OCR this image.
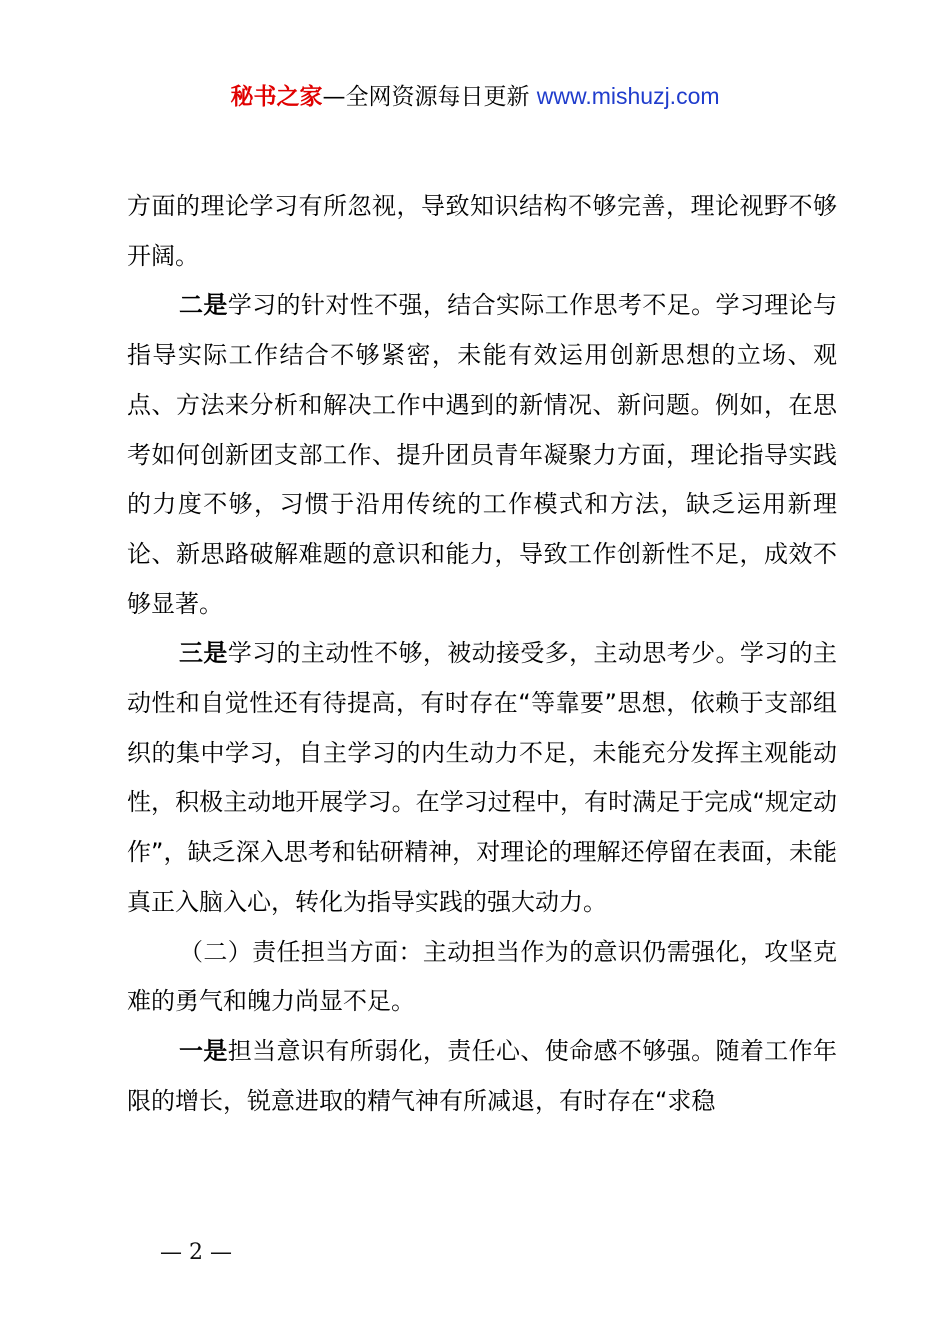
秘书之家—全网资源每日更新 www.mishuzj.com

方面的理论学习有所忽视，导致知识结构不够完善，理论视野不够开阔。

二是学习的针对性不强，结合实际工作思考不足。学习理论与指导实际工作结合不够紧密，未能有效运用创新思想的立场、观点、方法来分析和解决工作中遇到的新情况、新问题。例如，在思考如何创新团支部工作、提升团员青年凝聚力方面，理论指导实践的力度不够，习惯于沿用传统的工作模式和方法，缺乏运用新理论、新思路破解难题的意识和能力，导致工作创新性不足，成效不够显著。

三是学习的主动性不够，被动接受多，主动思考少。学习的主动性和自觉性还有待提高，有时存在“等靠要”思想，依赖于支部组织的集中学习，自主学习的内生动力不足，未能充分发挥主观能动性，积极主动地开展学习。在学习过程中，有时满足于完成“规定动作”，缺乏深入思考和钻研精神，对理论的理解还停留在表面，未能真正入脑入心，转化为指导实践的强大动力。

（二）责任担当方面：主动担当作为的意识仍需强化，攻坚克难的勇气和魄力尚显不足。

一是担当意识有所弱化，责任心、使命感不够强。随着工作年限的增长，锐意进取的精气神有所减退，有时存在“求稳

— 2 —
